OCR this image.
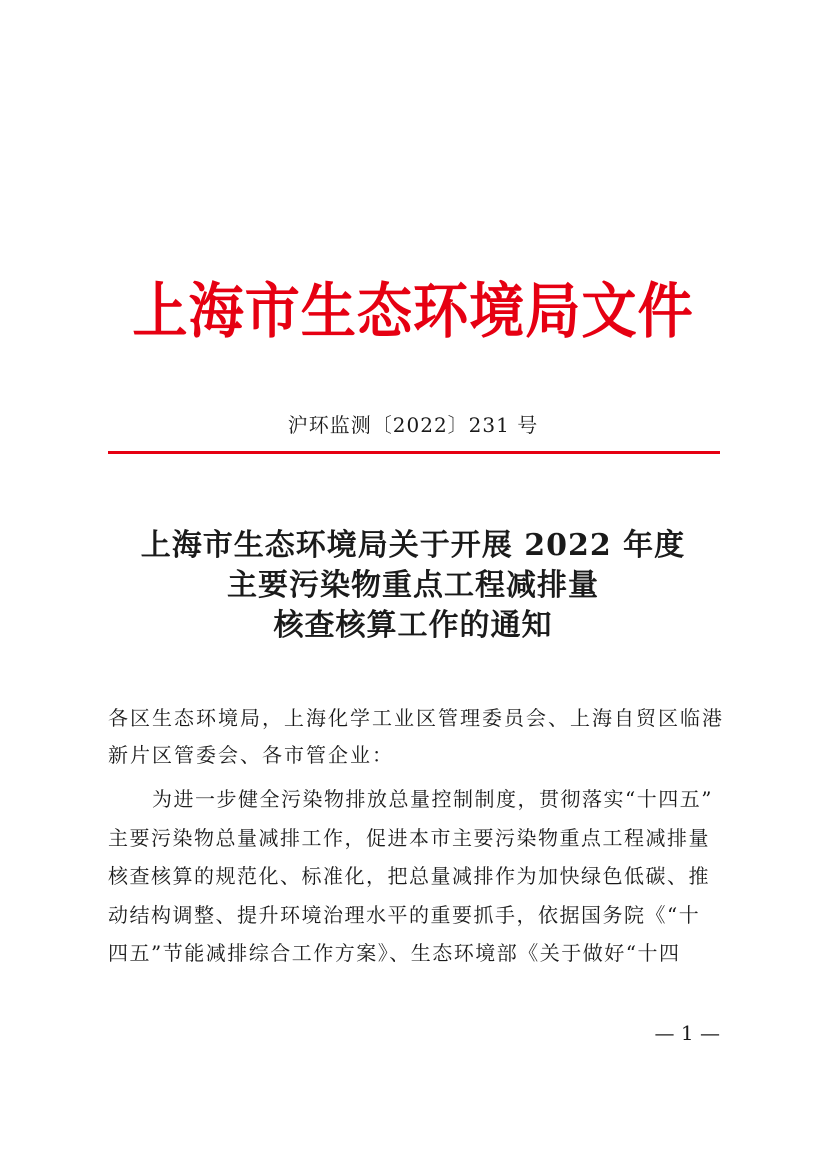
上海市生态环境局文件
沪环监测〔2022〕231 号
上海市生态环境局关于开展 2022 年度
主要污染物重点工程减排量
核查核算工作的通知
各区生态环境局，上海化学工业区管理委员会、上海自贸区临港
新片区管委会、各市管企业：
为进一步健全污染物排放总量控制制度，贯彻落实“十四五”
主要污染物总量减排工作，促进本市主要污染物重点工程减排量
核查核算的规范化、标准化，把总量减排作为加快绿色低碳、推
动结构调整、提升环境治理水平的重要抓手，依据国务院《“十
四五”节能减排综合工作方案》、生态环境部《关于做好“十四
— 1 —
